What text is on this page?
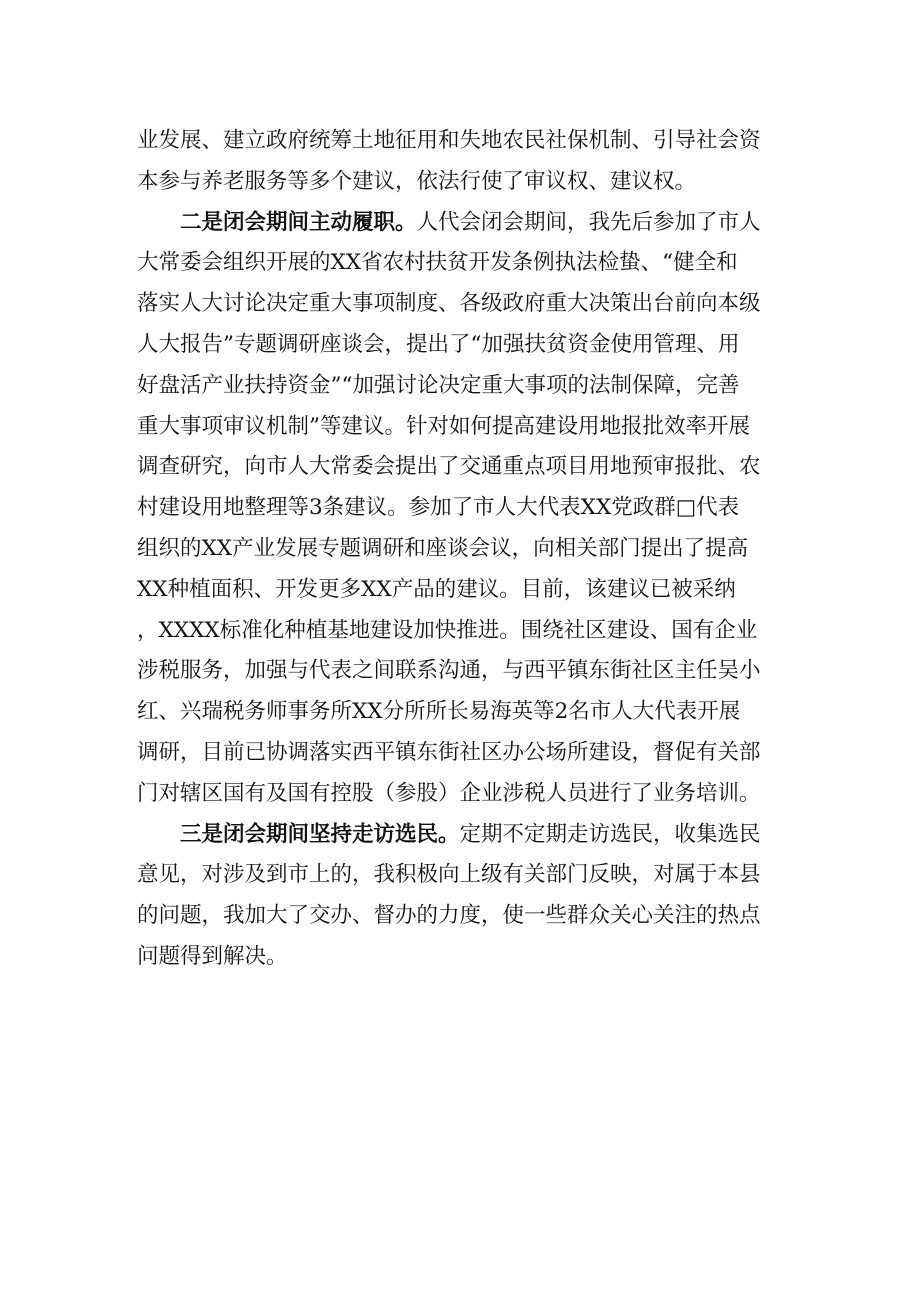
业发展、建立政府统筹土地征用和失地农民社保机制、引导社会资
本参与养老服务等多个建议，依法行使了审议权、建议权。
二是闭会期间主动履职。人代会闭会期间，我先后参加了市人
大常委会组织开展的XX省农村扶贫开发条例执法检蛰、“健全和
落实人大讨论决定重大事项制度、各级政府重大决策出台前向本级
人大报告”专题调研座谈会，提出了“加强扶贫资金使用管理、用
好盘活产业扶持资金”“加强讨论决定重大事项的法制保障，完善
重大事项审议机制”等建议。针对如何提高建设用地报批效率开展
调查研究，向市人大常委会提出了交通重点项目用地预审报批、农
村建设用地整理等3条建议。参加了市人大代表XX党政群□代表
组织的XX产业发展专题调研和座谈会议，向相关部门提出了提高
XX种植面积、开发更多XX产品的建议。目前，该建议已被采纳
，XXXX标准化种植基地建设加快推进。围绕社区建设、国有企业
涉税服务，加强与代表之间联系沟通，与西平镇东街社区主任吴小
红、兴瑞税务师事务所XX分所所长易海英等2名市人大代表开展
调研，目前已协调落实西平镇东街社区办公场所建设，督促有关部
门对辖区国有及国有控股（参股）企业涉税人员进行了业务培训。
三是闭会期间坚持走访选民。定期不定期走访选民，收集选民
意见，对涉及到市上的，我积极向上级有关部门反映，对属于本县
的问题，我加大了交办、督办的力度，使一些群众关心关注的热点
问题得到解决。
